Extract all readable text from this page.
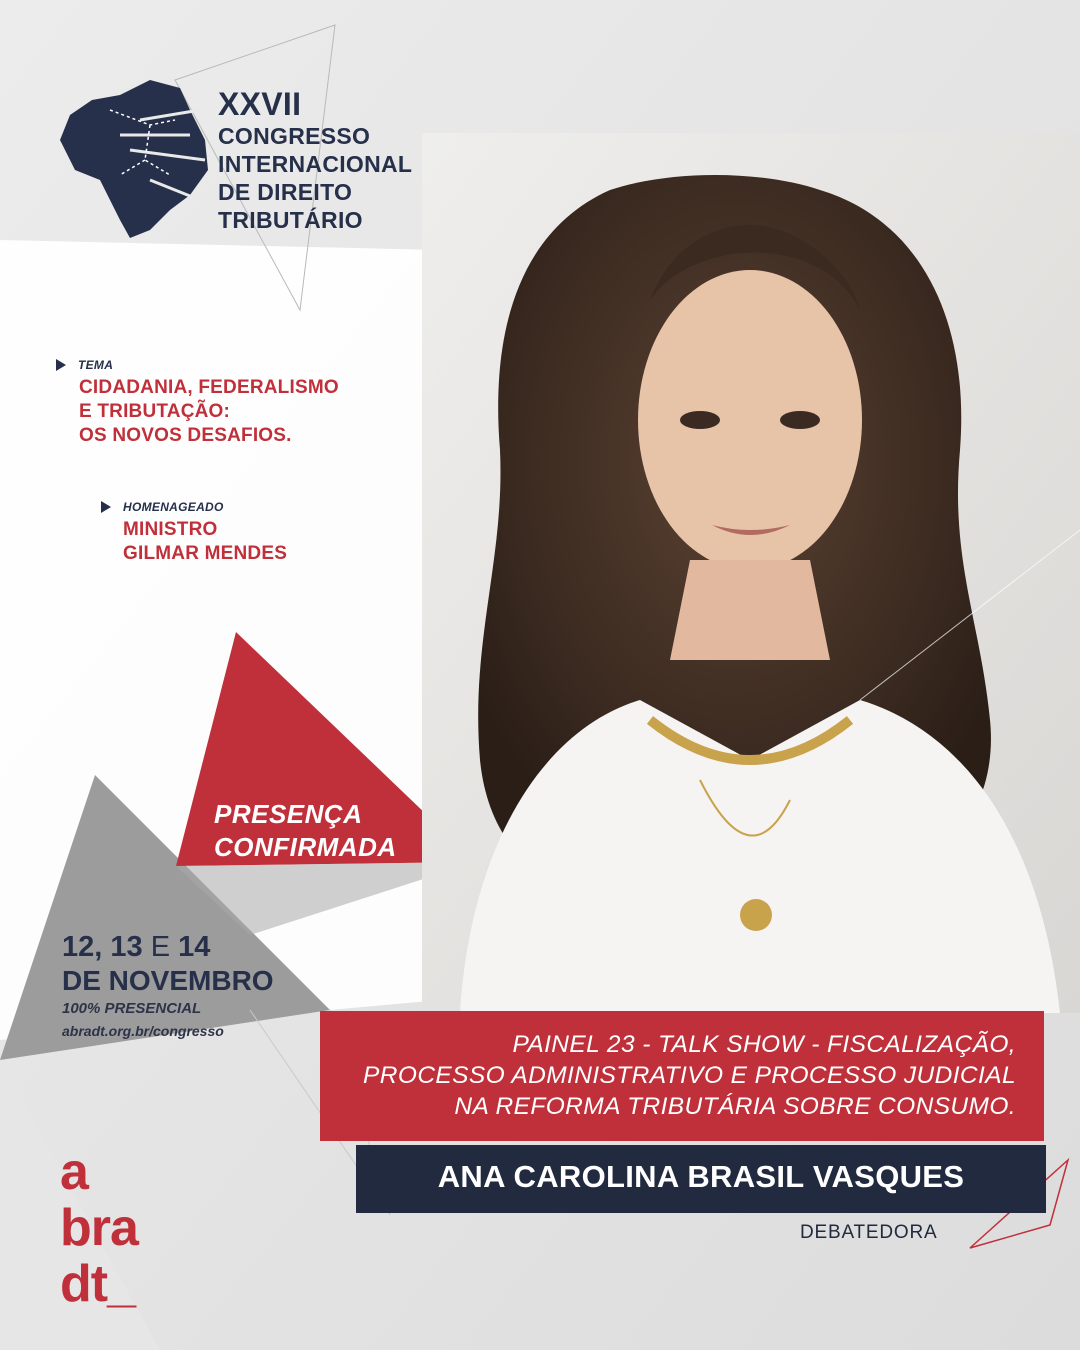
XXVII
CONGRESSO
INTERNACIONAL
DE DIREITO
TRIBUTÁRIO
TEMA
CIDADANIA, FEDERALISMO
E TRIBUTAÇÃO:
OS NOVOS DESAFIOS.
HOMENAGEADO
MINISTRO
GILMAR MENDES
PRESENÇA
CONFIRMADA
12, 13 E 14
DE NOVEMBRO
100% PRESENCIAL
abradt.org.br/congresso	PAINEL 23 - TALK SHOW - FISCALIZAÇÃO,
PROCESSO ADMINISTRATIVO E PROCESSO JUDICIAL
NA REFORMA TRIBUTÁRIA SOBRE CONSUMO.
ANA CAROLINA BRASIL VASQUES
DEBATEDORA
a
bra
dt_
